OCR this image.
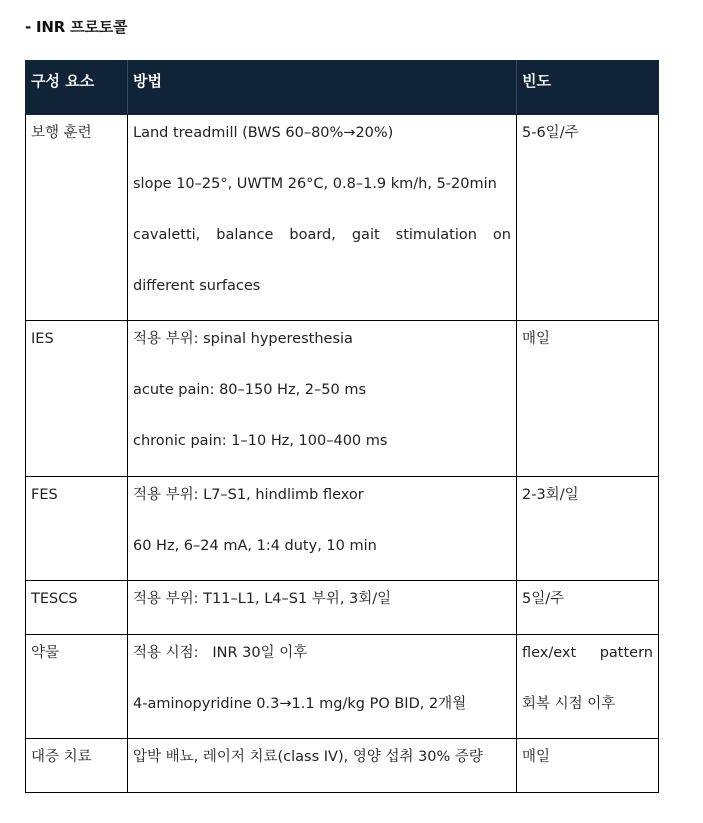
- INR 프로토콜
구성 요소	방법	빈도
보행 훈련	Land treadmill (BWS 60–80%→20%)
slope 10–25°, UWTM 26°C, 0.8–1.9 km/h, 5-20min
cavaletti, balance board, gait stimulation on
different surfaces	5-6일/주

IES	적용 부위: spinal hyperesthesia
acute pain: 80–150 Hz, 2–50 ms
chronic pain: 1–10 Hz, 100–400 ms	매일

FES	적용 부위: L7–S1, hindlimb flexor
60 Hz, 6–24 mA, 1:4 duty, 10 min	2-3회/일

TESCS	적용 부위: T11–L1, L4–S1 부위, 3회/일	5일/주

약물	적용 시점:   INR 30일 이후
4-aminopyridine 0.3→1.1 mg/kg PO BID, 2개월	flex/ext pattern
회복 시점 이후

대증 치료	압박 배뇨, 레이저 치료(class IV), 영양 섭취 30% 증량	매일
